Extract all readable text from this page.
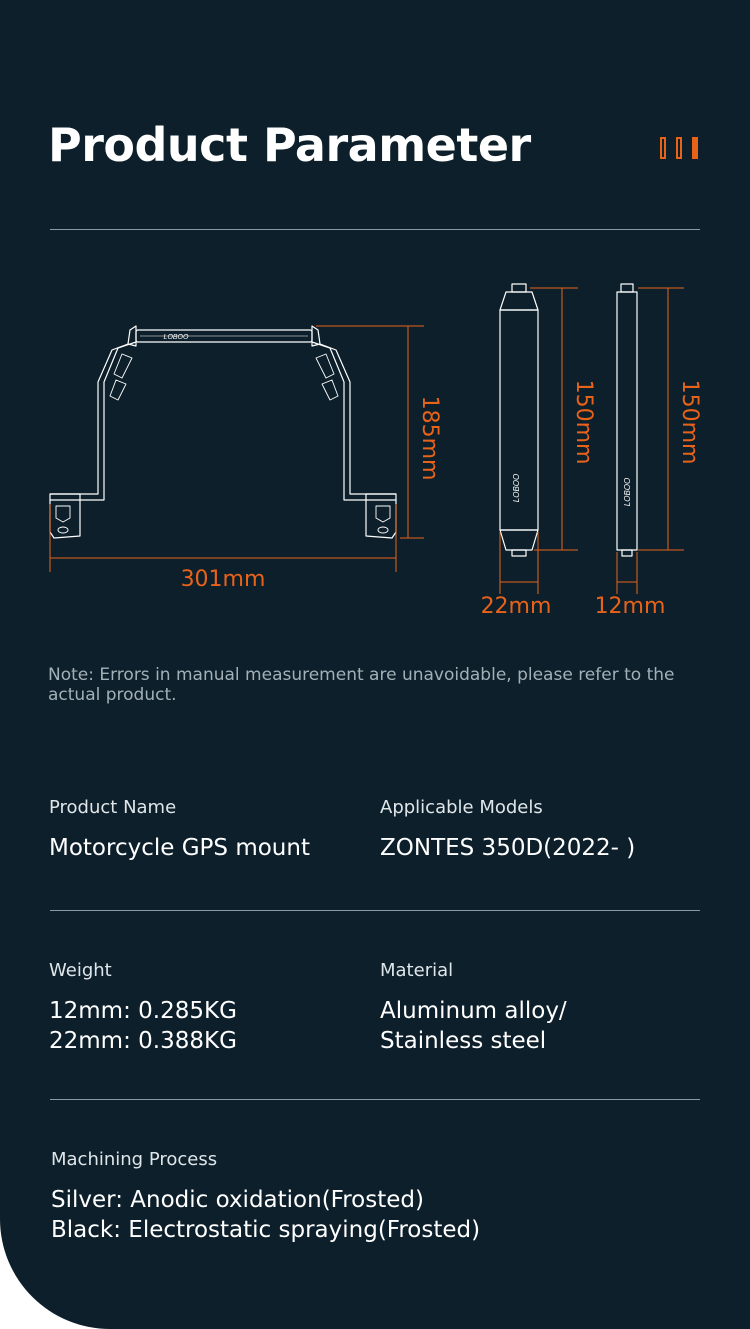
Product Parameter
LOBOO
LOBOO	LOBOO
301mm
185mm	150mm
22mm
150mm
12mm

Note: Errors in manual measurement are unavoidable, please refer to the actual product.

Product Name
Motorcycle GPS mount
Applicable Models
ZONTES 350D(2022- )
Weight
12mm: 0.285KG
22mm: 0.388KG
Material
Aluminum alloy/
Stainless steel
Machining Process
Silver: Anodic oxidation(Frosted)
Black: Electrostatic spraying(Frosted)
